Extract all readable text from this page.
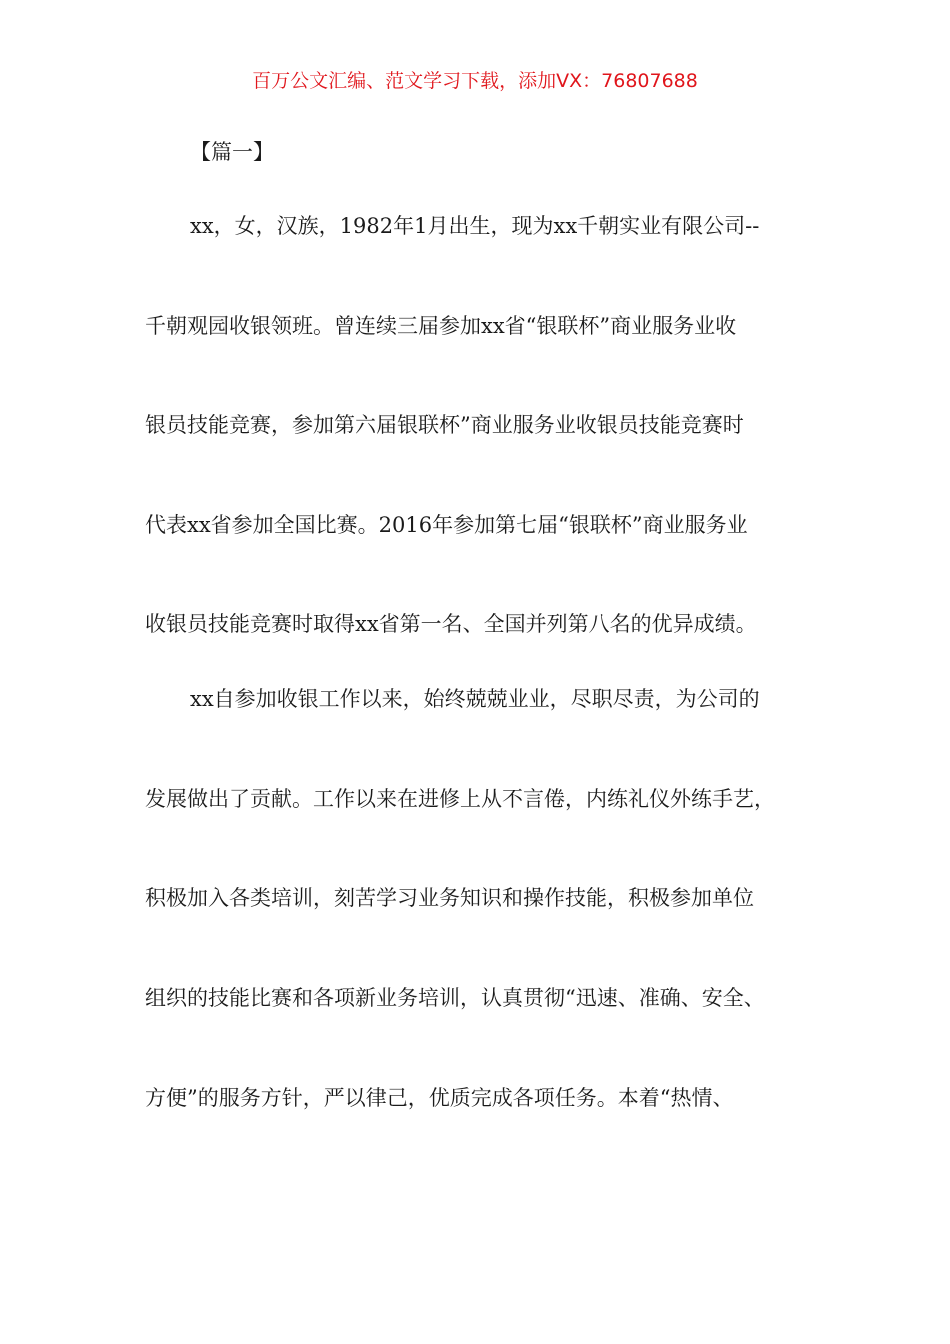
百万公文汇编、范文学习下载，添加VX：76807688
【篇一】
xx，女，汉族，1982年1月出生，现为xx千朝实业有限公司--
千朝观园收银领班。曾连续三届参加xx省“银联杯”商业服务业收
银员技能竞赛，参加第六届银联杯”商业服务业收银员技能竞赛时
代表xx省参加全国比赛。2016年参加第七届“银联杯”商业服务业
收银员技能竞赛时取得xx省第一名、全国并列第八名的优异成绩。
xx自参加收银工作以来，始终兢兢业业，尽职尽责，为公司的
发展做出了贡献。工作以来在进修上从不言倦，内练礼仪外练手艺，
积极加入各类培训，刻苦学习业务知识和操作技能，积极参加单位
组织的技能比赛和各项新业务培训，认真贯彻“迅速、准确、安全、
方便”的服务方针，严以律己，优质完成各项任务。本着“热情、
